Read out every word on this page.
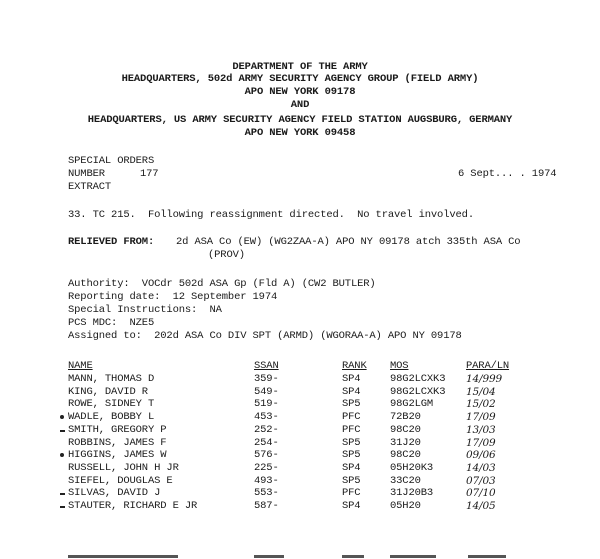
DEPARTMENT OF THE ARMY
HEADQUARTERS, 502d ARMY SECURITY AGENCY GROUP (FIELD ARMY)
APO NEW YORK 09178
AND
HEADQUARTERS, US ARMY SECURITY AGENCY FIELD STATION AUGSBURG, GERMANY
APO NEW YORK 09458
SPECIAL ORDERS
NUMBER	177	6 Sept... . 1974
EXTRACT
33. TC 215.  Following reassignment directed.  No travel involved.
RELIEVED FROM: 2d ASA Co (EW) (WG2ZAA-A) APO NY 09178 atch 335th ASA Co
(PROV)
Authority:  VOCdr 502d ASA Gp (Fld A) (CW2 BUTLER)
Reporting date:  12 September 1974
Special Instructions:  NA
PCS MDC:  NZE5
Assigned to:  202d ASA Co DIV SPT (ARMD) (WGORAA-A) APO NY 09178
NAME	SSAN	RANK MOS	PARA/LN
MANN, THOMAS D	359-	SP4	98G2LCXK3 14/999
KING, DAVID R	549-	SP4	98G2LCXK3 15/04
ROWE, SIDNEY T	519-	SP5	98G2LGM	15/02
WADLE, BOBBY L	453-	PFC	72B20	17/09
SMITH, GREGORY P	252-	PFC	98C20	13/03
ROBBINS, JAMES F	254-	SP5	31J20	17/09
HIGGINS, JAMES W	576-	SP5	98C20	09/06
RUSSELL, JOHN H JR	225-	SP4	05H20K3	14/03
SIEFEL, DOUGLAS E	493-	SP5	33C20	07/03
SILVAS, DAVID J	553-	PFC	31J20B3	07/10
STAUTER, RICHARD E JR	587-	SP4	05H20	14/05
